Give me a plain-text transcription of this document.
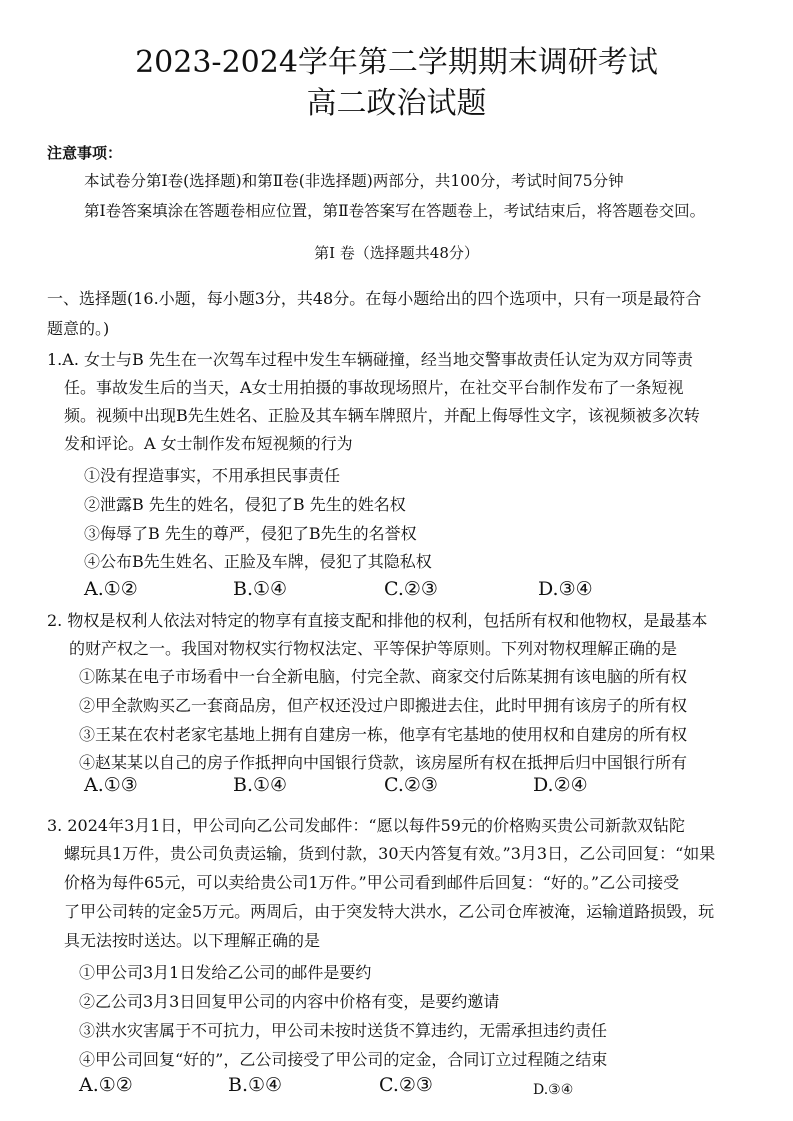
2023-2024学年第二学期期末调研考试
高二政治试题
注意事项：
本试卷分第I卷(选择题)和第Ⅱ卷(非选择题)两部分，共100分，考试时间75分钟
第I卷答案填涂在答题卷相应位置，第Ⅱ卷答案写在答题卷上，考试结束后，将答题卷交回。
第I 卷（选择题共48分）
一、选择题(16.小题，每小题3分，共48分。在每小题给出的四个选项中，只有一项是最符合
题意的。)
1.A. 女士与B 先生在一次驾车过程中发生车辆碰撞，经当地交警事故责任认定为双方同等责
任。事故发生后的当天，A女士用拍摄的事故现场照片，在社交平台制作发布了一条短视
频。视频中出现B先生姓名、正脸及其车辆车牌照片，并配上侮辱性文字，该视频被多次转
发和评论。A 女士制作发布短视频的行为
①没有捏造事实，不用承担民事责任
②泄露B 先生的姓名，侵犯了B 先生的姓名权
③侮辱了B 先生的尊严，侵犯了B先生的名誉权
④公布B先生姓名、正脸及车牌，侵犯了其隐私权
A.①②	B.①④	C.②③	D.③④
2. 物权是权利人依法对特定的物享有直接支配和排他的权利，包括所有权和他物权，是最基本
的财产权之一。我国对物权实行物权法定、平等保护等原则。下列对物权理解正确的是
①陈某在电子市场看中一台全新电脑，付完全款、商家交付后陈某拥有该电脑的所有权
②甲全款购买乙一套商品房，但产权还没过户即搬进去住，此时甲拥有该房子的所有权
③王某在农村老家宅基地上拥有自建房一栋，他享有宅基地的使用权和自建房的所有权
④赵某某以自己的房子作抵押向中国银行贷款，该房屋所有权在抵押后归中国银行所有
A.①③	B.①④	C.②③	D.②④
3. 2024年3月1日，甲公司向乙公司发邮件：“愿以每件59元的价格购买贵公司新款双钻陀
螺玩具1万件，贵公司负责运输，货到付款，30天内答复有效。”3月3日，乙公司回复：“如果
价格为每件65元，可以卖给贵公司1万件。”甲公司看到邮件后回复：“好的。”乙公司接受
了甲公司转的定金5万元。两周后，由于突发特大洪水，乙公司仓库被淹，运输道路损毁，玩
具无法按时送达。以下理解正确的是
①甲公司3月1日发给乙公司的邮件是要约
②乙公司3月3日回复甲公司的内容中价格有变，是要约邀请
③洪水灾害属于不可抗力，甲公司未按时送货不算违约，无需承担违约责任
④甲公司回复“好的”，乙公司接受了甲公司的定金，合同订立过程随之结束
A.①②	B.①④	C.②③	D.③④
